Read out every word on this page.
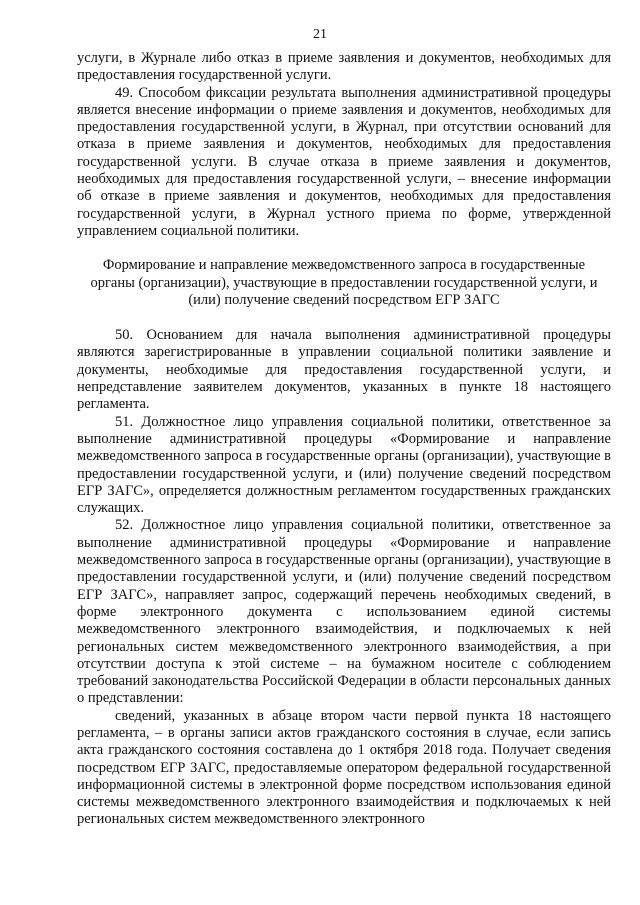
21

услуги, в Журнале либо отказ в приеме заявления и документов, необходимых для предоставления государственной услуги.

49. Способом фиксации результата выполнения административной процедуры является внесение информации о приеме заявления и документов, необходимых для предоставления государственной услуги, в Журнал, при отсутствии оснований для отказа в приеме заявления и документов, необходимых для предоставления государственной услуги. В случае отказа в приеме заявления и документов, необходимых для предоставления государственной услуги, – внесение информации об отказе в приеме заявления и документов, необходимых для предоставления государственной услуги, в Журнал устного приема по форме, утвержденной управлением социальной политики.

Формирование и направление межведомственного запроса в государственные органы (организации), участвующие в предоставлении государственной услуги, и (или) получение сведений посредством ЕГР ЗАГС

50. Основанием для начала выполнения административной процедуры являются зарегистрированные в управлении социальной политики заявление и документы, необходимые для предоставления государственной услуги, и непредставление заявителем документов, указанных в пункте 18 настоящего регламента.

51. Должностное лицо управления социальной политики, ответственное за выполнение административной процедуры «Формирование и направление межведомственного запроса в государственные органы (организации), участвующие в предоставлении государственной услуги, и (или) получение сведений посредством ЕГР ЗАГС», определяется должностным регламентом государственных гражданских служащих.

52. Должностное лицо управления социальной политики, ответственное за выполнение административной процедуры «Формирование и направление межведомственного запроса в государственные органы (организации), участвующие в предоставлении государственной услуги, и (или) получение сведений посредством ЕГР ЗАГС», направляет запрос, содержащий перечень необходимых сведений, в форме электронного документа с использованием единой системы межведомственного электронного взаимодействия, и подключаемых к ней региональных систем межведомственного электронного взаимодействия, а при отсутствии доступа к этой системе – на бумажном носителе с соблюдением требований законодательства Российской Федерации в области персональных данных о представлении:

сведений, указанных в абзаце втором части первой пункта 18 настоящего регламента, – в органы записи актов гражданского состояния в случае, если запись акта гражданского состояния составлена до 1 октября 2018 года. Получает сведения посредством ЕГР ЗАГС, предоставляемые оператором федеральной государственной информационной системы в электронной форме посредством использования единой системы межведомственного электронного взаимодействия и подключаемых к ней региональных систем межведомственного электронного
